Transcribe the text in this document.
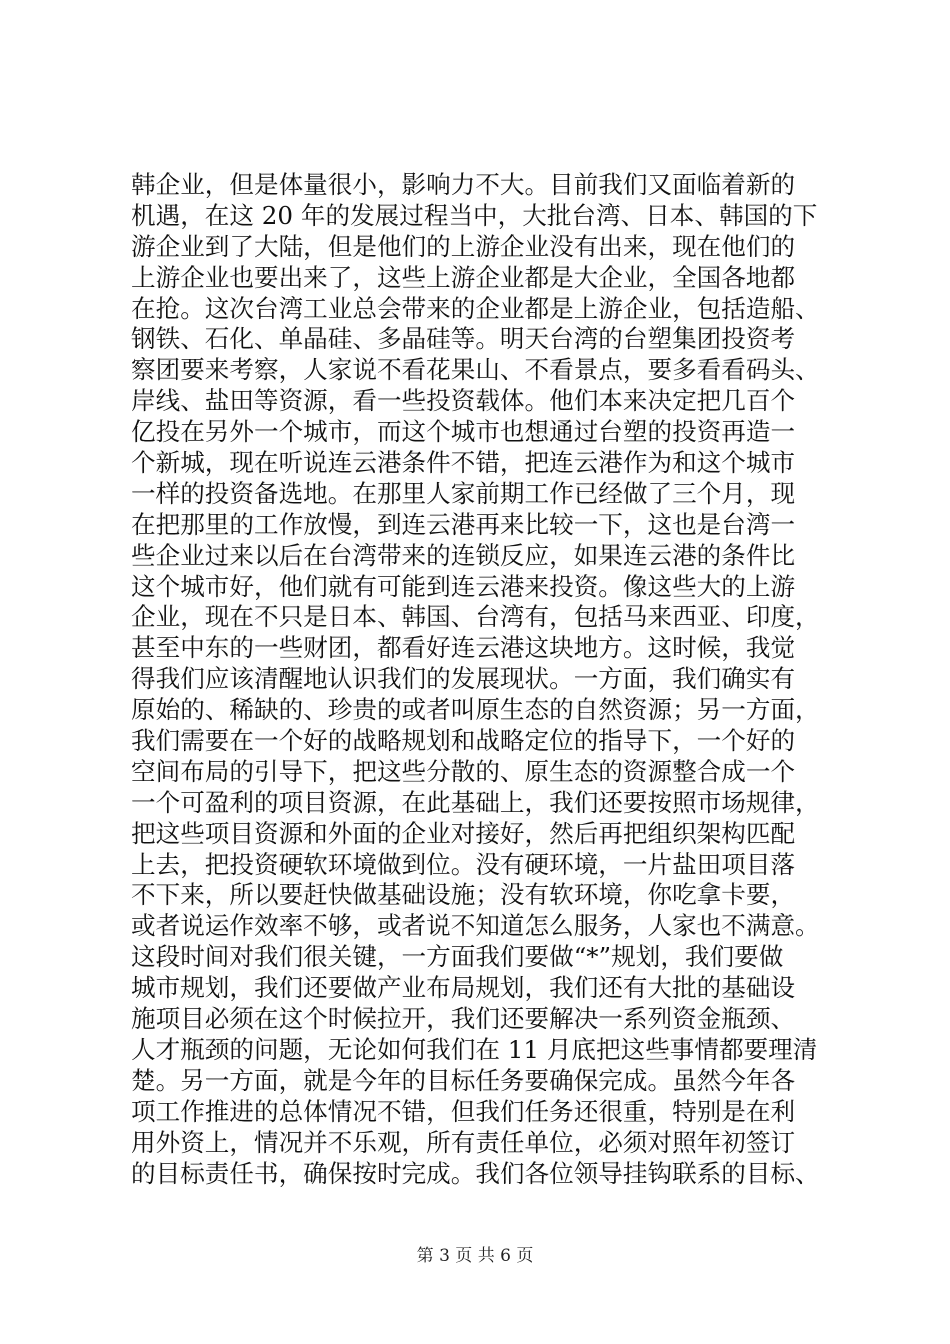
韩企业，但是体量很小，影响力不大。目前我们又面临着新的
机遇，在这 20 年的发展过程当中，大批台湾、日本、韩国的下
游企业到了大陆，但是他们的上游企业没有出来，现在他们的
上游企业也要出来了，这些上游企业都是大企业，全国各地都
在抢。这次台湾工业总会带来的企业都是上游企业，包括造船、
钢铁、石化、单晶硅、多晶硅等。明天台湾的台塑集团投资考
察团要来考察，人家说不看花果山、不看景点，要多看看码头、
岸线、盐田等资源，看一些投资载体。他们本来决定把几百个
亿投在另外一个城市，而这个城市也想通过台塑的投资再造一
个新城，现在听说连云港条件不错，把连云港作为和这个城市
一样的投资备选地。在那里人家前期工作已经做了三个月，现
在把那里的工作放慢，到连云港再来比较一下，这也是台湾一
些企业过来以后在台湾带来的连锁反应，如果连云港的条件比
这个城市好，他们就有可能到连云港来投资。像这些大的上游
企业，现在不只是日本、韩国、台湾有，包括马来西亚、印度，
甚至中东的一些财团，都看好连云港这块地方。这时候，我觉
得我们应该清醒地认识我们的发展现状。一方面，我们确实有
原始的、稀缺的、珍贵的或者叫原生态的自然资源；另一方面，
我们需要在一个好的战略规划和战略定位的指导下，一个好的
空间布局的引导下，把这些分散的、原生态的资源整合成一个
一个可盈利的项目资源，在此基础上，我们还要按照市场规律，
把这些项目资源和外面的企业对接好，然后再把组织架构匹配
上去，把投资硬软环境做到位。没有硬环境，一片盐田项目落
不下来，所以要赶快做基础设施；没有软环境，你吃拿卡要，
或者说运作效率不够，或者说不知道怎么服务，人家也不满意。
这段时间对我们很关键，一方面我们要做“*”规划，我们要做
城市规划，我们还要做产业布局规划，我们还有大批的基础设
施项目必须在这个时候拉开，我们还要解决一系列资金瓶颈、
人才瓶颈的问题，无论如何我们在 11 月底把这些事情都要理清
楚。另一方面，就是今年的目标任务要确保完成。虽然今年各
项工作推进的总体情况不错，但我们任务还很重，特别是在利
用外资上，情况并不乐观，所有责任单位，必须对照年初签订
的目标责任书，确保按时完成。我们各位领导挂钩联系的目标、
第 3 页 共 6 页
